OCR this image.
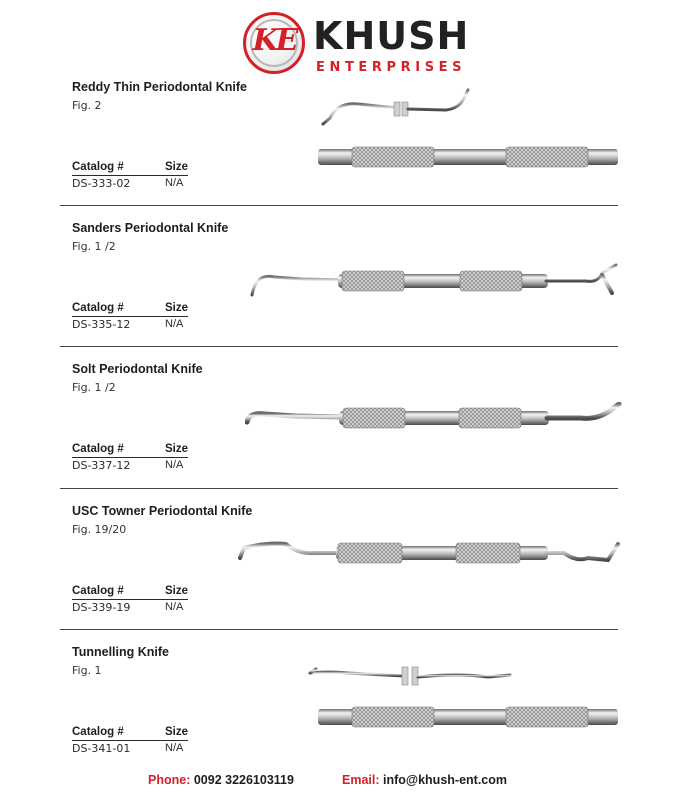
KE KHUSH
ENTERPRISES
Reddy Thin Periodontal Knife
Fig. 2
Catalog #	Size
DS-333-02	N/A
Sanders Periodontal Knife
Fig. 1 /2
Catalog #	Size
DS-335-12	N/A
Solt Periodontal Knife
Fig. 1 /2
Catalog #	Size
DS-337-12	N/A
USC Towner Periodontal Knife
Fig. 19/20
Catalog #	Size
DS-339-19	N/A
Tunnelling Knife
Fig. 1
Catalog #	Size
DS-341-01	N/A
Phone: 0092 3226103119	Email: info@khush-ent.com
